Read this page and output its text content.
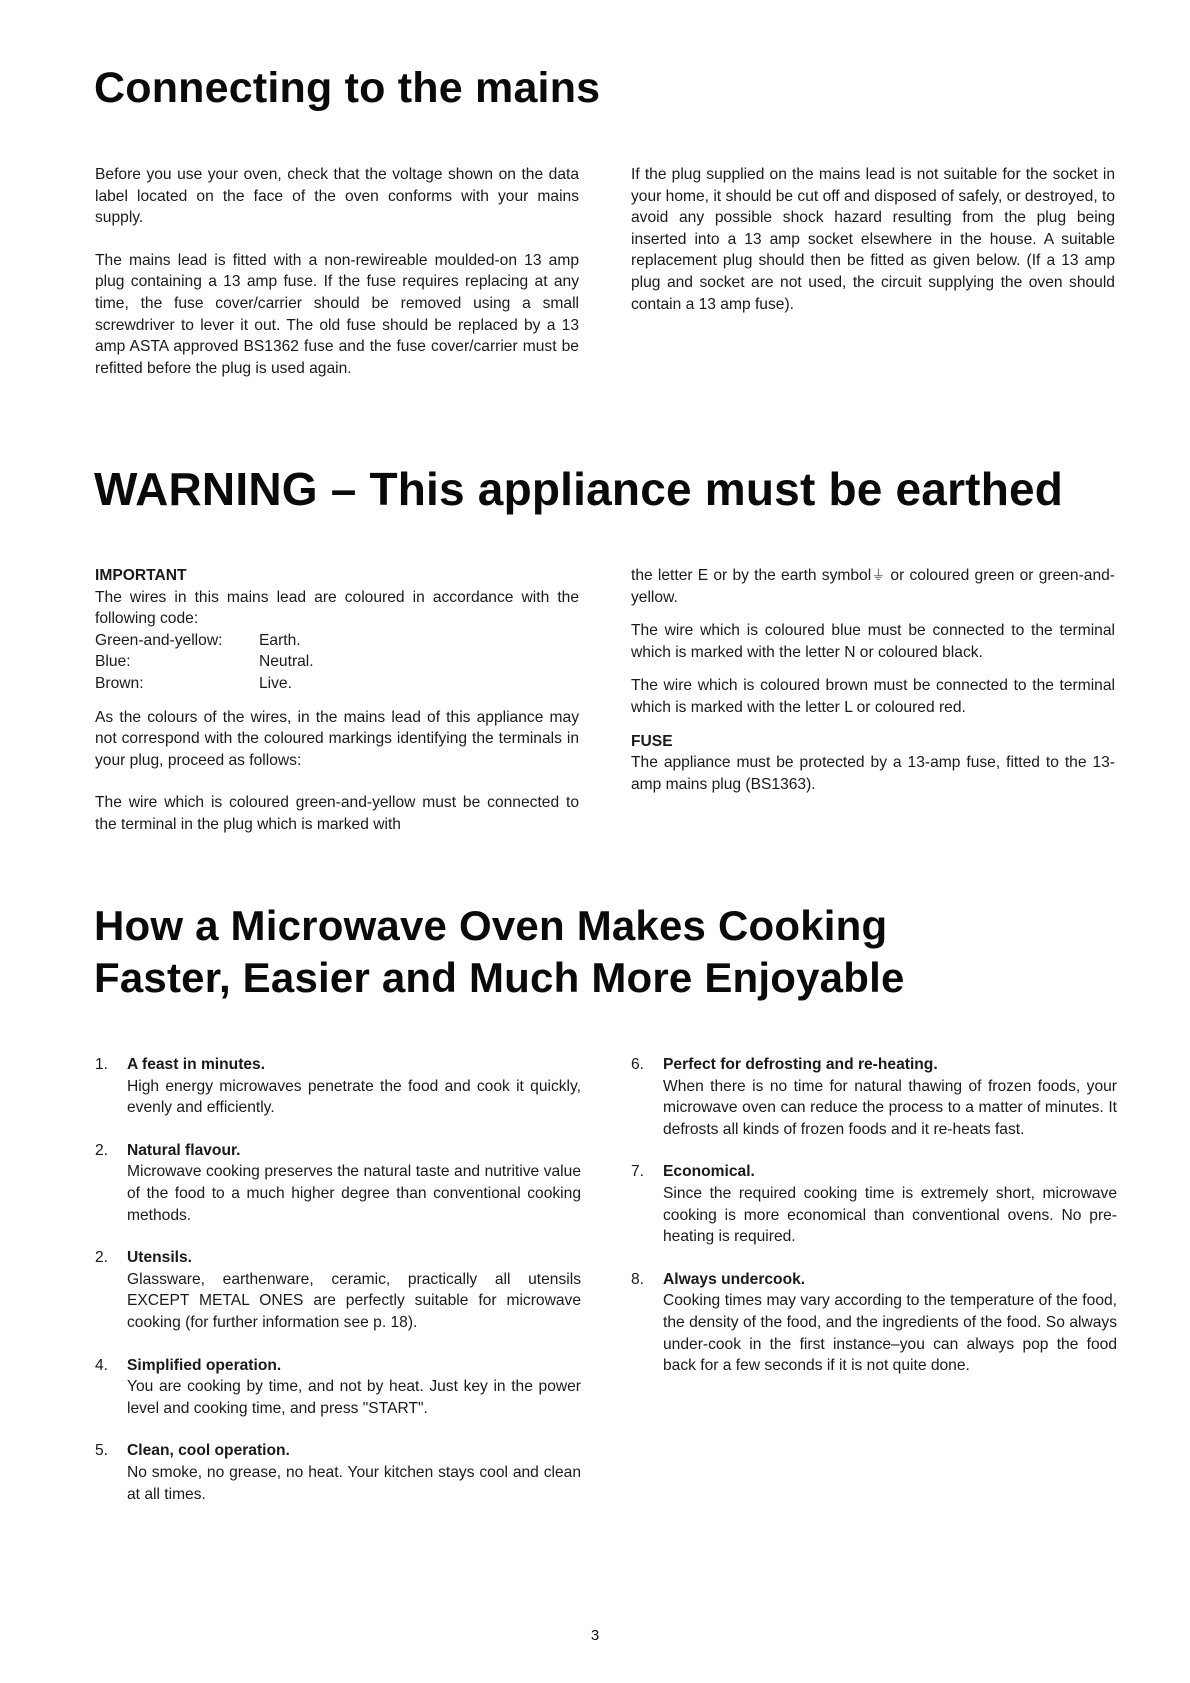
Connecting to the mains

Before you use your oven, check that the voltage shown on the data label located on the face of the oven conforms with your mains supply.

The mains lead is fitted with a non-rewireable moulded-on 13 amp plug containing a 13 amp fuse. If the fuse requires replacing at any time, the fuse cover/carrier should be removed using a small screwdriver to lever it out. The old fuse should be replaced by a 13 amp ASTA approved BS1362 fuse and the fuse cover/carrier must be refitted before the plug is used again.

If the plug supplied on the mains lead is not suitable for the socket in your home, it should be cut off and disposed of safely, or destroyed, to avoid any possible shock hazard resulting from the plug being inserted into a 13 amp socket elsewhere in the house. A suitable replacement plug should then be fitted as given below. (If a 13 amp plug and socket are not used, the circuit supplying the oven should contain a 13 amp fuse).

WARNING – This appliance must be earthed

IMPORTANT

The wires in this mains lead are coloured in accordance with the following code:

Green-and-yellow:	Earth.
Blue:	Neutral.
Brown:	Live.

As the colours of the wires, in the mains lead of this appliance may not correspond with the coloured markings identifying the terminals in your plug, proceed as follows:

The wire which is coloured green-and-yellow must be connected to the terminal in the plug which is marked with

the letter E or by the earth symbol⏚ or coloured green or green-and-yellow.

The wire which is coloured blue must be connected to the terminal which is marked with the letter N or coloured black.

The wire which is coloured brown must be connected to the terminal which is marked with the letter L or coloured red.

FUSE

The appliance must be protected by a 13-amp fuse, fitted to the 13-amp mains plug (BS1363).

How a Microwave Oven Makes Cooking
Faster, Easier and Much More Enjoyable
1.	A feast in minutes.

High energy microwaves penetrate the food and cook it quickly, evenly and efficiently.

2.	Natural flavour.

Microwave cooking preserves the natural taste and nutritive value of the food to a much higher degree than conventional cooking methods.

2.	Utensils.

Glassware, earthenware, ceramic, practically all utensils EXCEPT METAL ONES are perfectly suitable for microwave cooking (for further information see p. 18).

4.	Simplified operation.

You are cooking by time, and not by heat. Just key in the power level and cooking time, and press "START".

5.	Clean, cool operation.

No smoke, no grease, no heat. Your kitchen stays cool and clean at all times.

6.	Perfect for defrosting and re-heating.

When there is no time for natural thawing of frozen foods, your microwave oven can reduce the process to a matter of minutes. It defrosts all kinds of frozen foods and it re-heats fast.

7.	Economical.

Since the required cooking time is extremely short, microwave cooking is more economical than conventional ovens. No pre-heating is required.

8.	Always undercook.

Cooking times may vary according to the temperature of the food, the density of the food, and the ingredients of the food. So always under-cook in the first instance–you can always pop the food back for a few seconds if it is not quite done.

3
